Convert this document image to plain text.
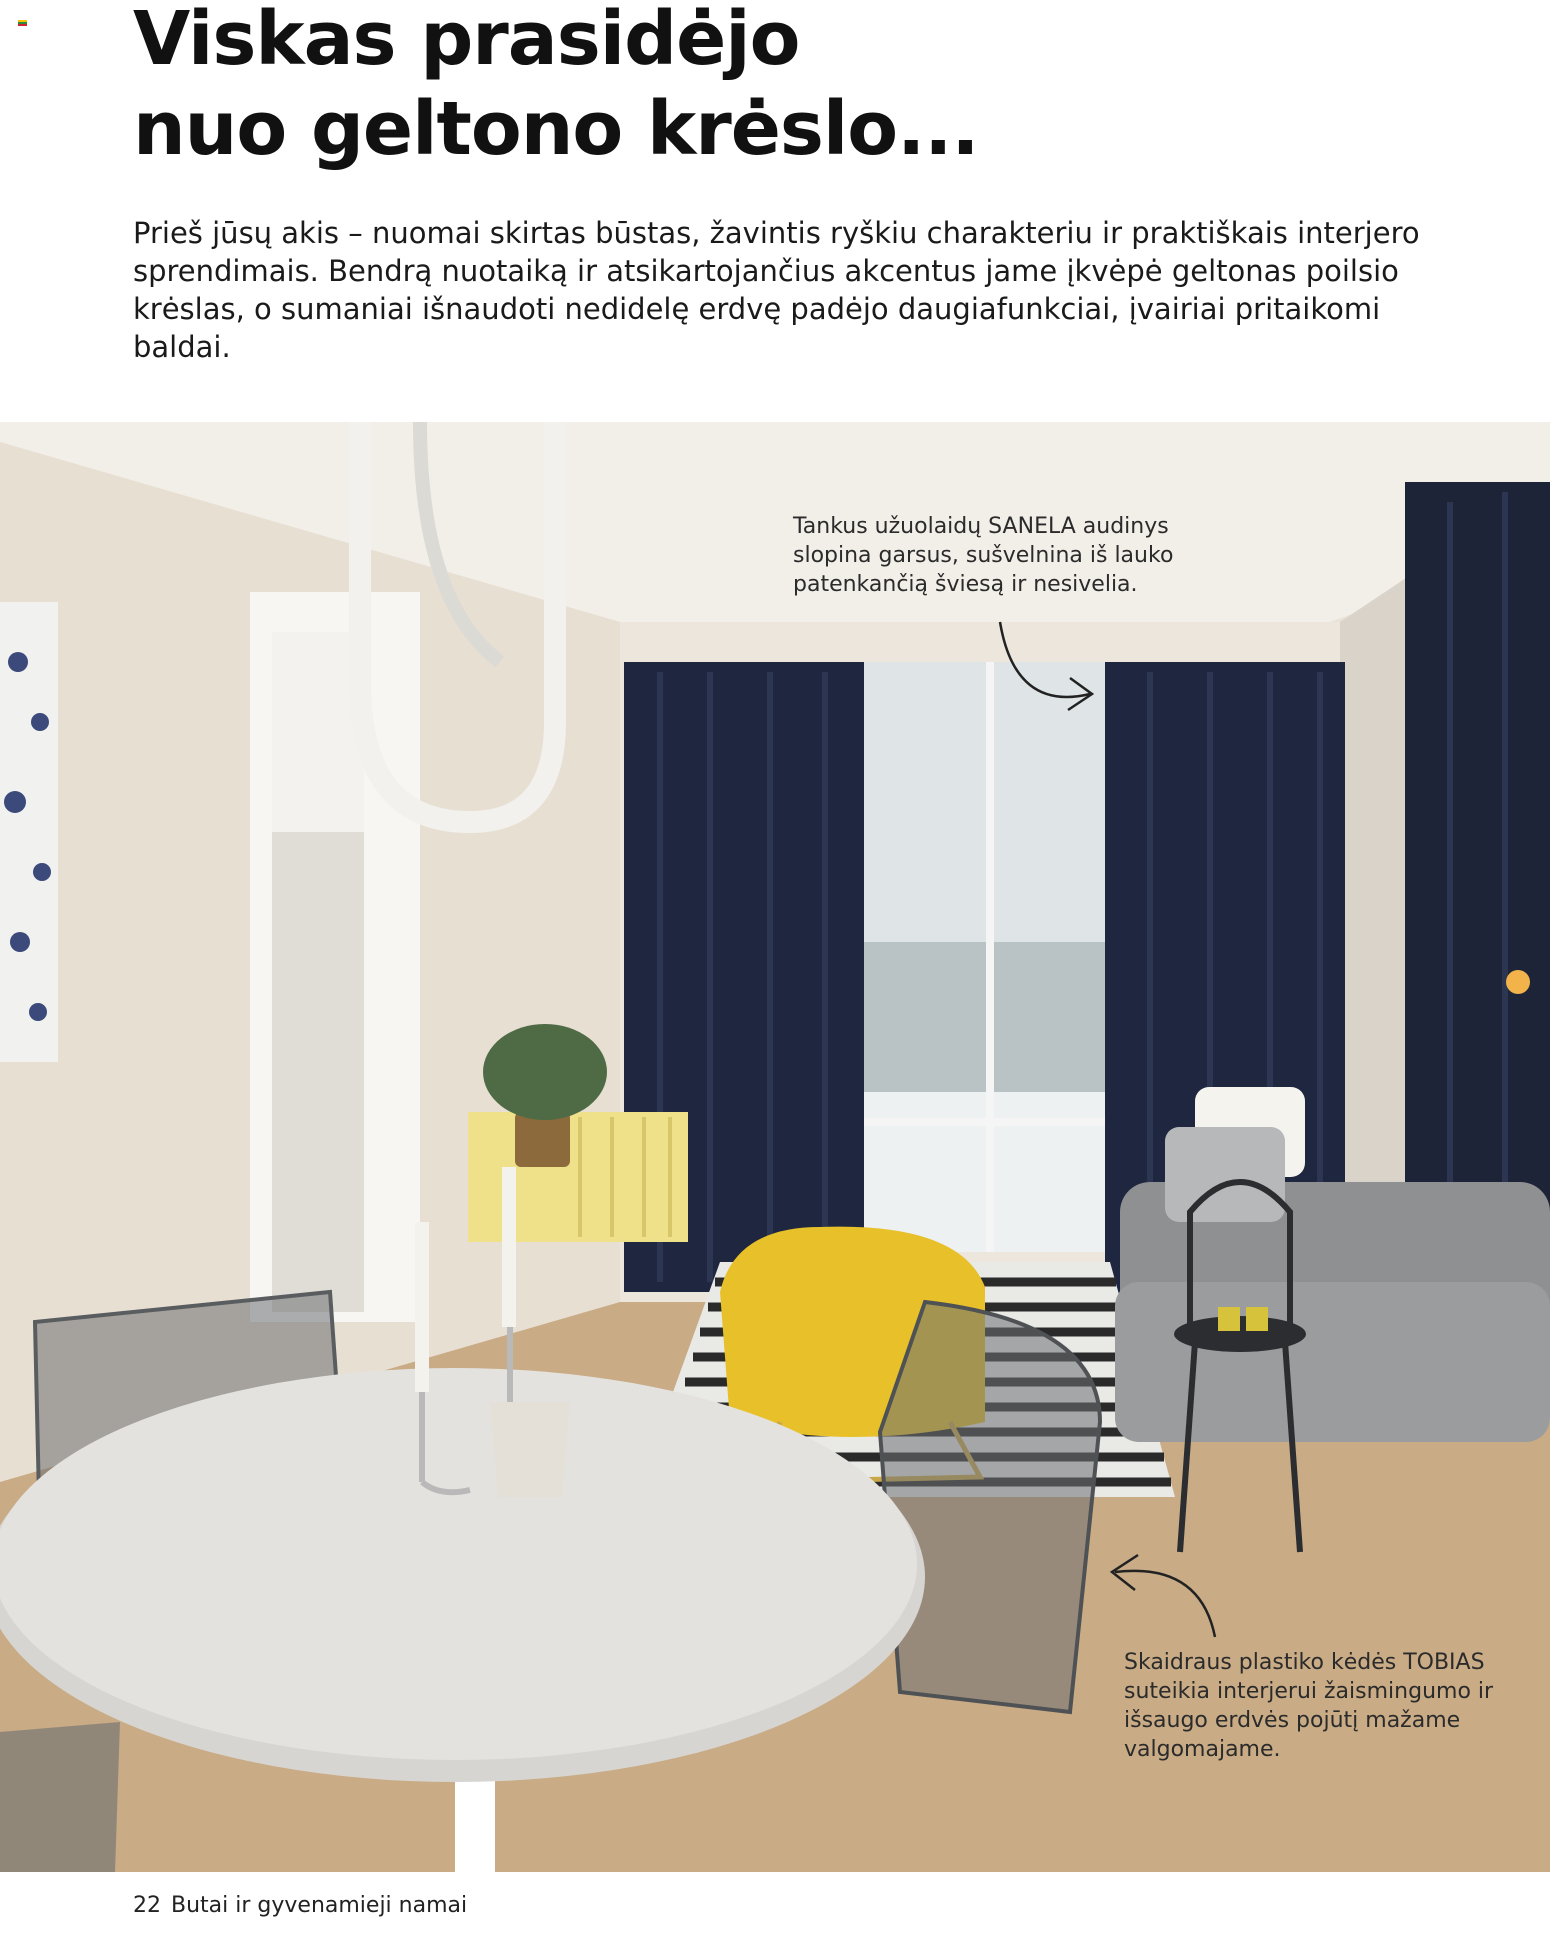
Viskas prasidėjo
nuo geltono krėslo...

Prieš jūsų akis – nuomai skirtas būstas, žavintis ryškiu charakteriu ir praktiškais interjero sprendimais. Bendrą nuotaiką ir atsikartojančius akcentus jame įkvėpė geltonas poilsio krėslas, o sumaniai išnaudoti nedidelę erdvę padėjo daugiafunkciai, įvairiai pritaikomi baldai.

Tankus užuolaidų SANELA audinys slopina garsus, sušvelnina iš lauko patenkančią šviesą ir nesivelia.

Skaidraus plastiko kėdės TOBIAS suteikia interjerui žaismingumo ir išsaugo erdvės pojūtį mažame valgomajame.

22 Butai ir gyvenamieji namai
